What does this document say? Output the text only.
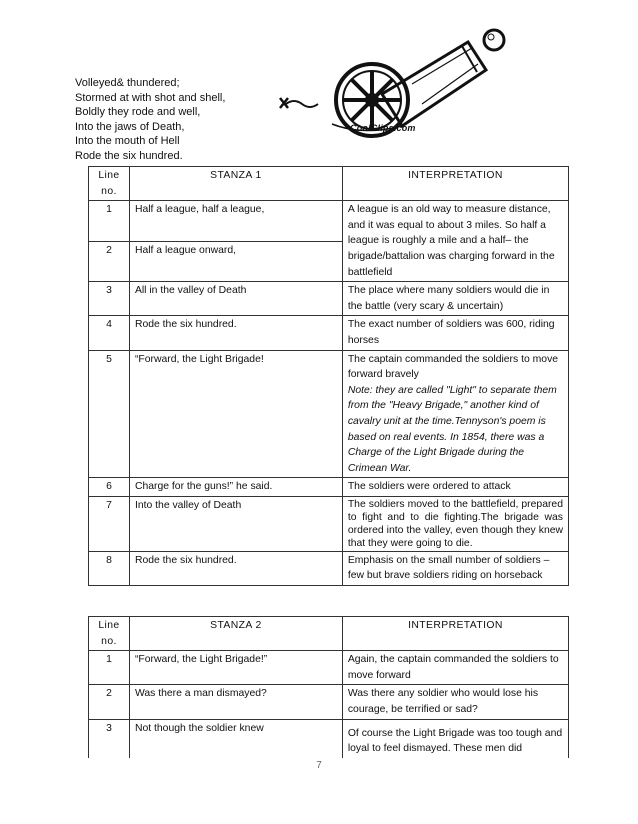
Volleyed& thundered;
Stormed at with shot and shell,
Boldly they rode and well,
Into the jaws of Death,
Into the mouth of Hell
Rode the six hundred.
CoolClips.com
Line no.	STANZA 1	INTERPRETATION
1	Half a league, half a league,	A league is an old way to measure distance, and it was equal to about 3 miles. So half a league is roughly a mile and a half– the brigade/battalion was charging forward in the battlefield
2	Half a league onward,	
3	All in the valley of Death	The place where many soldiers would die in the battle (very scary & uncertain)
4	Rode the six hundred.	The exact number of soldiers was 600, riding horses
5	“Forward, the Light Brigade!	The captain commanded the soldiers to move forward bravely
Note: they are called "Light" to separate them from the "Heavy Brigade," another kind of cavalry unit at the time.Tennyson's poem is based on real events. In 1854, there was a Charge of the Light Brigade during the Crimean War.

6	Charge for the guns!” he said.	The soldiers were ordered to attack
7	Into the valley of Death	The soldiers moved to the battlefield, prepared to fight and to die fighting.The brigade was ordered into the valley, even though they knew that they were going to die.
8	Rode the six hundred.	Emphasis on the small number of soldiers – few but brave soldiers riding on horseback
Line no.	STANZA 2	INTERPRETATION
1	“Forward, the Light Brigade!”	Again, the captain commanded the soldiers to move forward
2	Was there a man dismayed?	Was there any soldier who would lose his courage, be terrified or sad?
3	Not though the soldier knew	Of course the Light Brigade was too tough and loyal to feel dismayed. These men did
7
